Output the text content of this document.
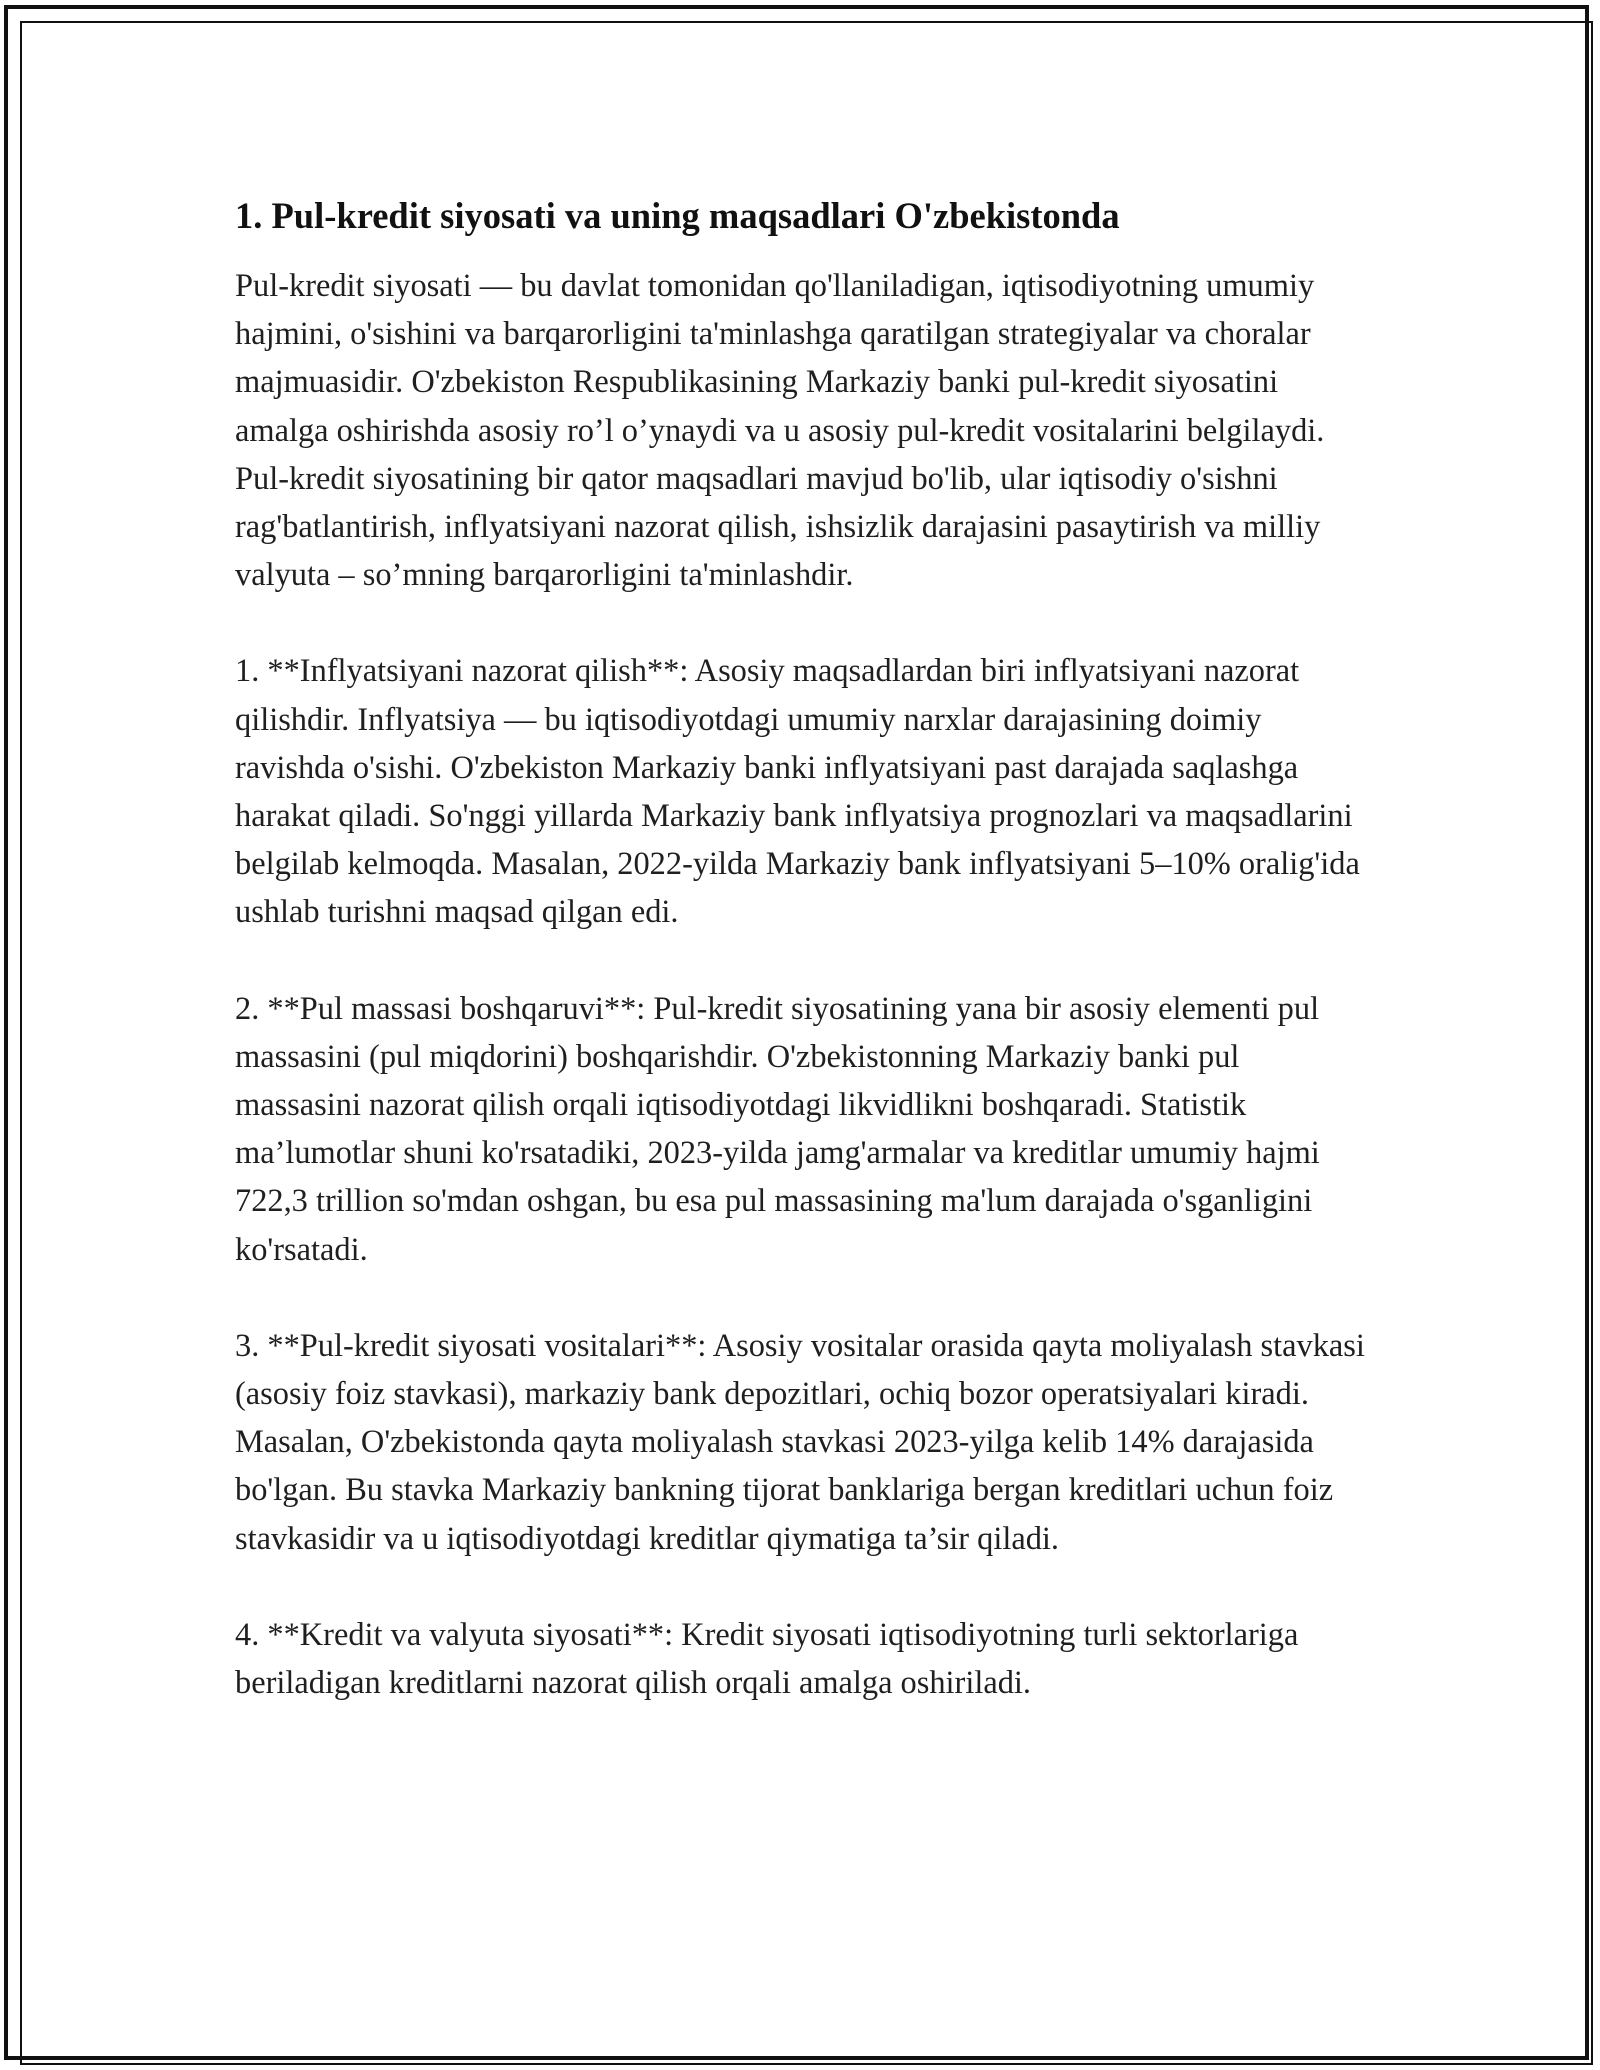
1. Pul-kredit siyosati va uning maqsadlari O'zbekistonda

Pul-kredit siyosati — bu davlat tomonidan qo'llaniladigan, iqtisodiyotning umumiy hajmini, o'sishini va barqarorligini ta'minlashga qaratilgan strategiyalar va choralar majmuasidir. O'zbekiston Respublikasining Markaziy banki pul-kredit siyosatini amalga oshirishda asosiy ro’l o’ynaydi va u asosiy pul-kredit vositalarini belgilaydi. Pul-kredit siyosatining bir qator maqsadlari mavjud bo'lib, ular iqtisodiy o'sishni rag'batlantirish, inflyatsiyani nazorat qilish, ishsizlik darajasini pasaytirish va milliy valyuta – so’mning barqarorligini ta'minlashdir.

1. **Inflyatsiyani nazorat qilish**: Asosiy maqsadlardan biri inflyatsiyani nazorat qilishdir. Inflyatsiya — bu iqtisodiyotdagi umumiy narxlar darajasining doimiy ravishda o'sishi. O'zbekiston Markaziy banki inflyatsiyani past darajada saqlashga harakat qiladi. So'nggi yillarda Markaziy bank inflyatsiya prognozlari va maqsadlarini belgilab kelmoqda. Masalan, 2022-yilda Markaziy bank inflyatsiyani 5–10% oralig'ida ushlab turishni maqsad qilgan edi.

2. **Pul massasi boshqaruvi**: Pul-kredit siyosatining yana bir asosiy elementi pul massasini (pul miqdorini) boshqarishdir. O'zbekistonning Markaziy banki pul massasini nazorat qilish orqali iqtisodiyotdagi likvidlikni boshqaradi. Statistik ma’lumotlar shuni ko'rsatadiki, 2023-yilda jamg'armalar va kreditlar umumiy hajmi 722,3 trillion so'mdan oshgan, bu esa pul massasining ma'lum darajada o'sganligini ko'rsatadi.

3. **Pul-kredit siyosati vositalari**: Asosiy vositalar orasida qayta moliyalash stavkasi (asosiy foiz stavkasi), markaziy bank depozitlari, ochiq bozor operatsiyalari kiradi. Masalan, O'zbekistonda qayta moliyalash stavkasi 2023-yilga kelib 14% darajasida bo'lgan. Bu stavka Markaziy bankning tijorat banklariga bergan kreditlari uchun foiz stavkasidir va u iqtisodiyotdagi kreditlar qiymatiga ta’sir qiladi.

4. **Kredit va valyuta siyosati**: Kredit siyosati iqtisodiyotning turli sektorlariga beriladigan kreditlarni nazorat qilish orqali amalga oshiriladi.
